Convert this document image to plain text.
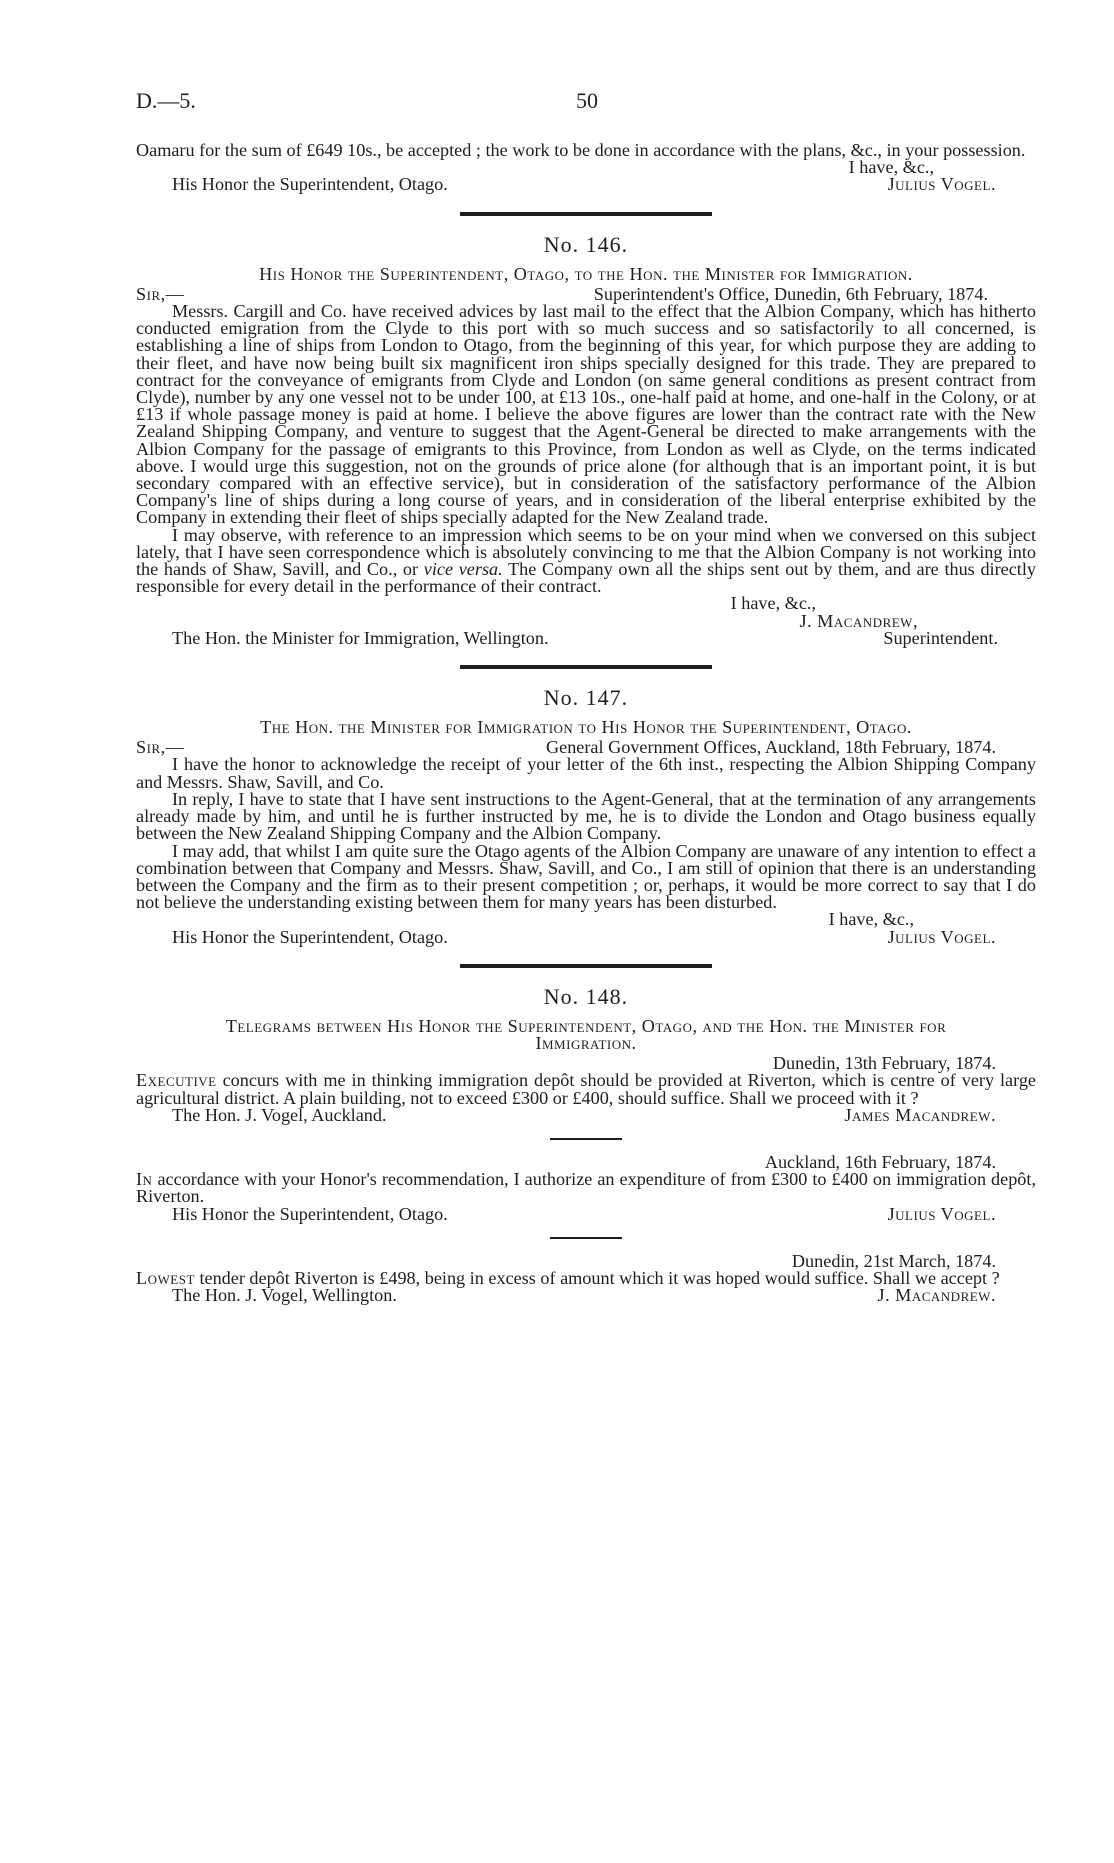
D.—5.	50

Oamaru for the sum of £649 10s., be accepted ; the work to be done in accordance with the plans, &c., in your possession.

I have, &c.,

His Honor the Superintendent, Otago.	Julius Vogel.
No. 146.
His Honor the Superintendent, Otago, to the Hon. the Minister for Immigration.
Sir,—	Superintendent's Office, Dunedin, 6th February, 1874.

Messrs. Cargill and Co. have received advices by last mail to the effect that the Albion Company, which has hitherto conducted emigration from the Clyde to this port with so much success and so satisfactorily to all concerned, is establishing a line of ships from London to Otago, from the beginning of this year, for which purpose they are adding to their fleet, and have now being built six magnificent iron ships specially designed for this trade. They are prepared to contract for the conveyance of emigrants from Clyde and London (on same general conditions as present contract from Clyde), number by any one vessel not to be under 100, at £13 10s., one-half paid at home, and one-half in the Colony, or at £13 if whole passage money is paid at home. I believe the above figures are lower than the contract rate with the New Zealand Shipping Company, and venture to suggest that the Agent-General be directed to make arrangements with the Albion Company for the passage of emigrants to this Province, from London as well as Clyde, on the terms indicated above. I would urge this suggestion, not on the grounds of price alone (for although that is an important point, it is but secondary compared with an effective service), but in consideration of the satisfactory performance of the Albion Company's line of ships during a long course of years, and in consideration of the liberal enterprise exhibited by the Company in extending their fleet of ships specially adapted for the New Zealand trade.

I may observe, with reference to an impression which seems to be on your mind when we conversed on this subject lately, that I have seen correspondence which is absolutely convincing to me that the Albion Company is not working into the hands of Shaw, Savill, and Co., or vice versa. The Company own all the ships sent out by them, and are thus directly responsible for every detail in the performance of their contract.

I have, &c.,

J. Macandrew,

The Hon. the Minister for Immigration, Wellington.	Superintendent.
No. 147.
The Hon. the Minister for Immigration to His Honor the Superintendent, Otago.
Sir,—	General Government Offices, Auckland, 18th February, 1874.

I have the honor to acknowledge the receipt of your letter of the 6th inst., respecting the Albion Shipping Company and Messrs. Shaw, Savill, and Co.

In reply, I have to state that I have sent instructions to the Agent-General, that at the termination of any arrangements already made by him, and until he is further instructed by me, he is to divide the London and Otago business equally between the New Zealand Shipping Company and the Albion Company.

I may add, that whilst I am quite sure the Otago agents of the Albion Company are unaware of any intention to effect a combination between that Company and Messrs. Shaw, Savill, and Co., I am still of opinion that there is an understanding between the Company and the firm as to their present competition ; or, perhaps, it would be more correct to say that I do not believe the understanding existing between them for many years has been disturbed.

I have, &c.,

His Honor the Superintendent, Otago.	Julius Vogel.
No. 148.
Telegrams between His Honor the Superintendent, Otago, and the Hon. the Minister for
Immigration.

Dunedin, 13th February, 1874.

Executive concurs with me in thinking immigration depôt should be provided at Riverton, which is centre of very large agricultural district. A plain building, not to exceed £300 or £400, should suffice. Shall we proceed with it ?

The Hon. J. Vogel, Auckland.	James Macandrew.

Auckland, 16th February, 1874.

In accordance with your Honor's recommendation, I authorize an expenditure of from £300 to £400 on immigration depôt, Riverton.

His Honor the Superintendent, Otago.	Julius Vogel.

Dunedin, 21st March, 1874.

Lowest tender depôt Riverton is £498, being in excess of amount which it was hoped would suffice. Shall we accept ?

The Hon. J. Vogel, Wellington.	J. Macandrew.
